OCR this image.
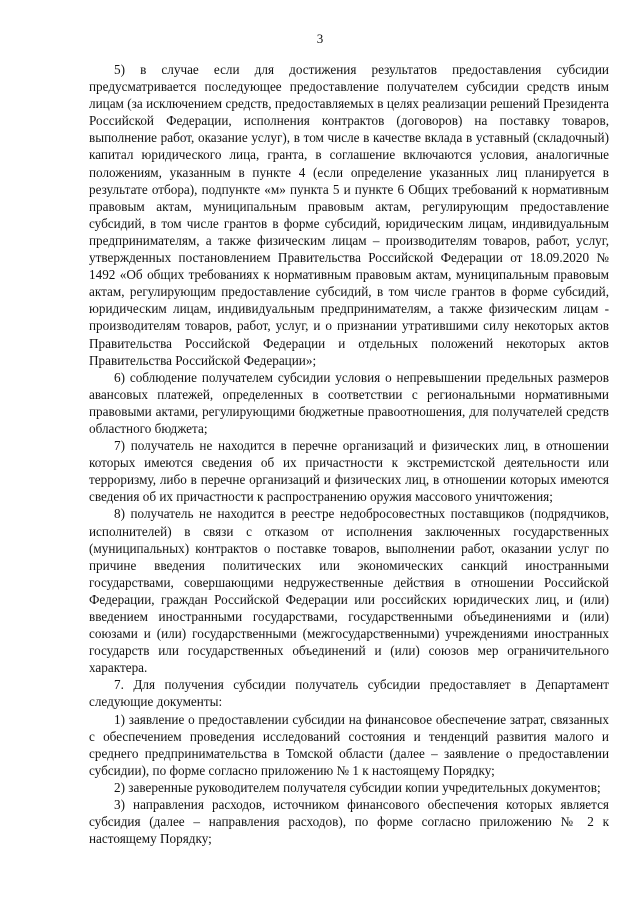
3

5) в случае если для достижения результатов предоставления субсидии предусматривается последующее предоставление получателем субсидии средств иным лицам (за исключением средств, предоставляемых в целях реализации решений Президента Российской Федерации, исполнения контрактов (договоров) на поставку товаров, выполнение работ, оказание услуг), в том числе в качестве вклада в уставный (складочный) капитал юридического лица, гранта, в соглашение включаются условия, аналогичные положениям, указанным в пункте 4 (если определение указанных лиц планируется в результате отбора), подпункте «м» пункта 5 и пункте 6 Общих требований к нормативным правовым актам, муниципальным правовым актам, регулирующим предоставление субсидий, в том числе грантов в форме субсидий, юридическим лицам, индивидуальным предпринимателям, а также физическим лицам – производителям товаров, работ, услуг, утвержденных постановлением Правительства Российской Федерации от 18.09.2020 № 1492 «Об общих требованиях к нормативным правовым актам, муниципальным правовым актам, регулирующим предоставление субсидий, в том числе грантов в форме субсидий, юридическим лицам, индивидуальным предпринимателям, а также физическим лицам - производителям товаров, работ, услуг, и о признании утратившими силу некоторых актов Правительства Российской Федерации и отдельных положений некоторых актов Правительства Российской Федерации»;

6) соблюдение получателем субсидии условия о непревышении предельных размеров авансовых платежей, определенных в соответствии с региональными нормативными правовыми актами, регулирующими бюджетные правоотношения, для получателей средств областного бюджета;

7) получатель не находится в перечне организаций и физических лиц, в отношении которых имеются сведения об их причастности к экстремистской деятельности или терроризму, либо в перечне организаций и физических лиц, в отношении которых имеются сведения об их причастности к распространению оружия массового уничтожения;

8) получатель не находится в реестре недобросовестных поставщиков (подрядчиков, исполнителей) в связи с отказом от исполнения заключенных государственных (муниципальных) контрактов о поставке товаров, выполнении работ, оказании услуг по причине введения политических или экономических санкций иностранными государствами, совершающими недружественные действия в отношении Российской Федерации, граждан Российской Федерации или российских юридических лиц, и (или) введением иностранными государствами, государственными объединениями и (или) союзами и (или) государственными (межгосударственными) учреждениями иностранных государств или государственных объединений и (или) союзов мер ограничительного характера.

7. Для получения субсидии получатель субсидии предоставляет в Департамент следующие документы:

1) заявление о предоставлении субсидии на финансовое обеспечение затрат, связанных с обеспечением проведения исследований состояния и тенденций развития малого и среднего предпринимательства в Томской области (далее – заявление о предоставлении субсидии), по форме согласно приложению № 1 к настоящему Порядку;

2) заверенные руководителем получателя субсидии копии учредительных документов;

3) направления расходов, источником финансового обеспечения которых является субсидия (далее – направления расходов), по форме согласно приложению № 2 к настоящему Порядку;
